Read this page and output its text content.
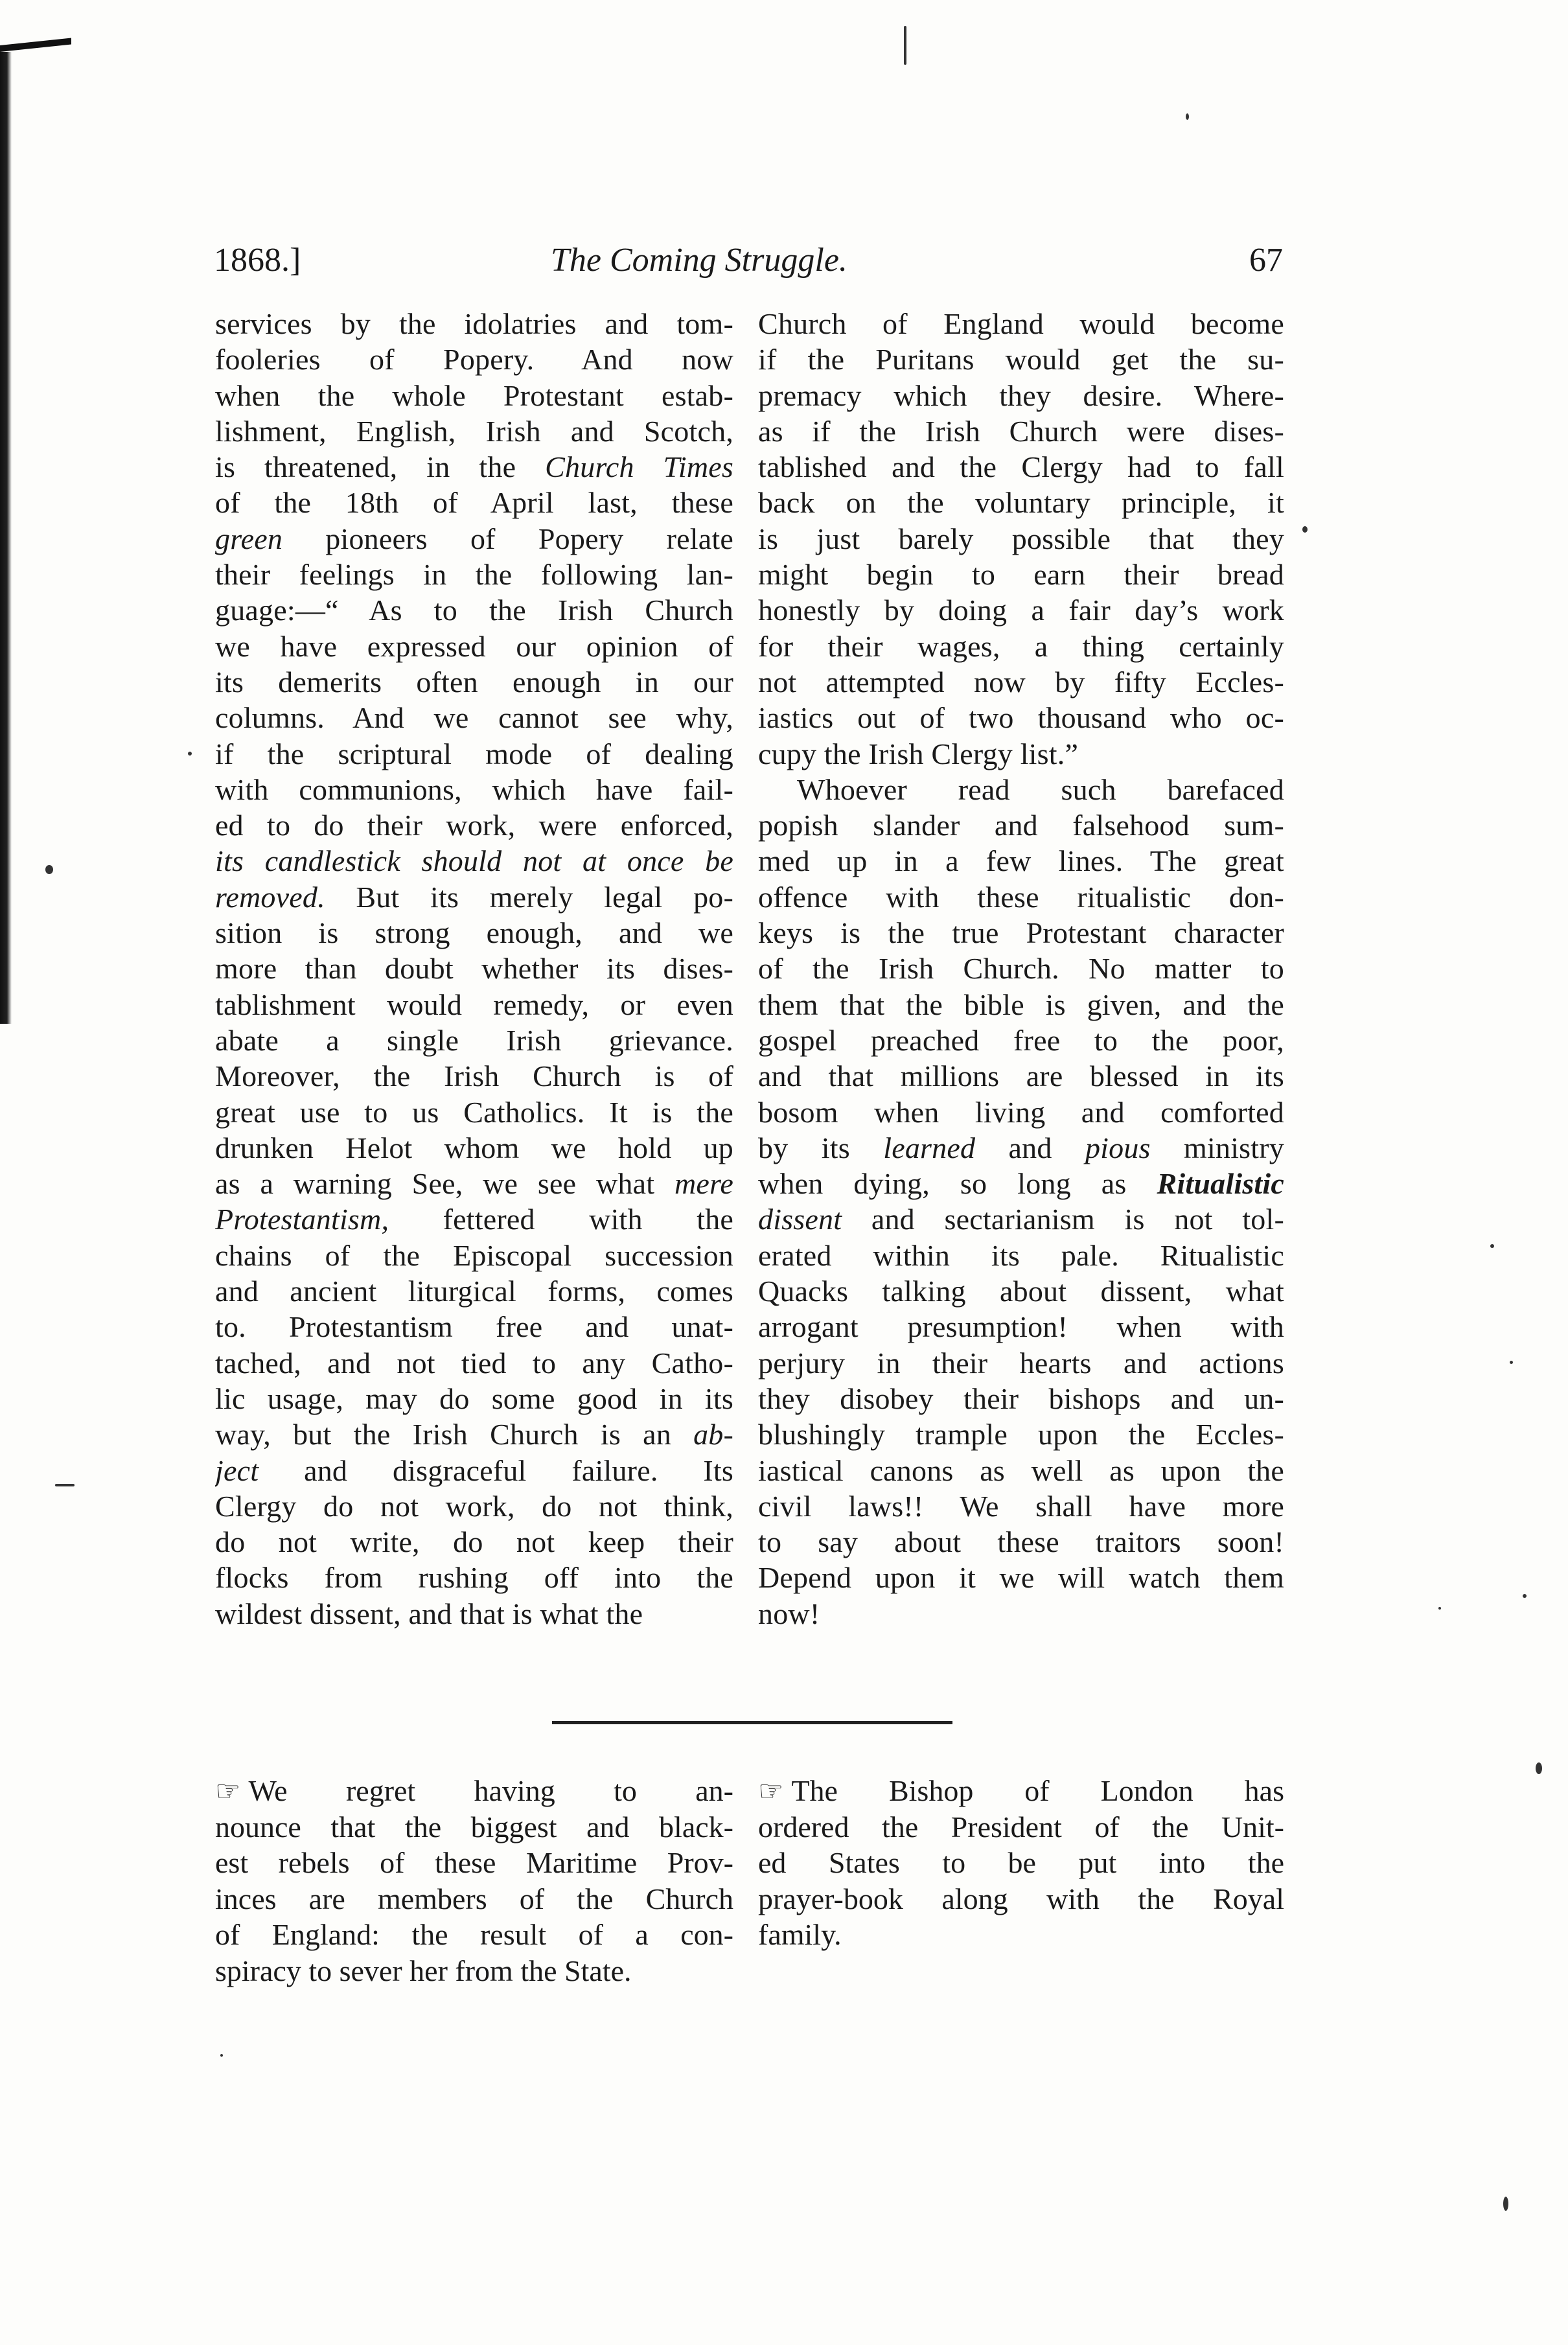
1868.]	The Coming Struggle.	67
services by the idolatries and tom-
fooleries of Popery. And now
when the whole Protestant estab-
lishment, English, Irish and Scotch,
is threatened, in the Church Times
of the 18th of April last, these
green pioneers of Popery relate
their feelings in the following lan-
guage:—“ As to the Irish Church
we have expressed our opinion of
its demerits often enough in our
columns. And we cannot see why,
if the scriptural mode of dealing
with communions, which have fail-
ed to do their work, were enforced,
its candlestick should not at once be
removed. But its merely legal po-
sition is strong enough, and we
more than doubt whether its dises-
tablishment would remedy, or even
abate a single Irish grievance.
Moreover, the Irish Church is of
great use to us Catholics. It is the
drunken Helot whom we hold up
as a warning See, we see what mere
Protestantism, fettered with the
chains of the Episcopal succession
and ancient liturgical forms, comes
to. Protestantism free and unat-
tached, and not tied to any Catho-
lic usage, may do some good in its
way, but the Irish Church is an ab-
ject and disgraceful failure. Its
Clergy do not work, do not think,
do not write, do not keep their
flocks from rushing off into the
wildest dissent, and that is what the
Church of England would become
if the Puritans would get the su-
premacy which they desire. Where-
as if the Irish Church were dises-
tablished and the Clergy had to fall
back on the voluntary principle, it
is just barely possible that they
might begin to earn their bread
honestly by doing a fair day’s work
for their wages, a thing certainly
not attempted now by fifty Eccles-
iastics out of two thousand who oc-
cupy the Irish Clergy list.”
Whoever read such barefaced
popish slander and falsehood sum-
med up in a few lines. The great
offence with these ritualistic don-
keys is the true Protestant character
of the Irish Church. No matter to
them that the bible is given, and the
gospel preached free to the poor,
and that millions are blessed in its
bosom when living and comforted
by its learned and pious ministry
when dying, so long as Ritualistic
dissent and sectarianism is not tol-
erated within its pale. Ritualistic
Quacks talking about dissent, what
arrogant presumption! when with
perjury in their hearts and actions
they disobey their bishops and un-
blushingly trample upon the Eccles-
iastical canons as well as upon the
civil laws!! We shall have more
to say about these traitors soon!
Depend upon it we will watch them
now!
☞ We regret having to an-
nounce that the biggest and black-
est rebels of these Maritime Prov-
inces are members of the Church
of England: the result of a con-
spiracy to sever her from the State.
☞ The Bishop of London has
ordered the President of the Unit-
ed States to be put into the
prayer-book along with the Royal
family.
